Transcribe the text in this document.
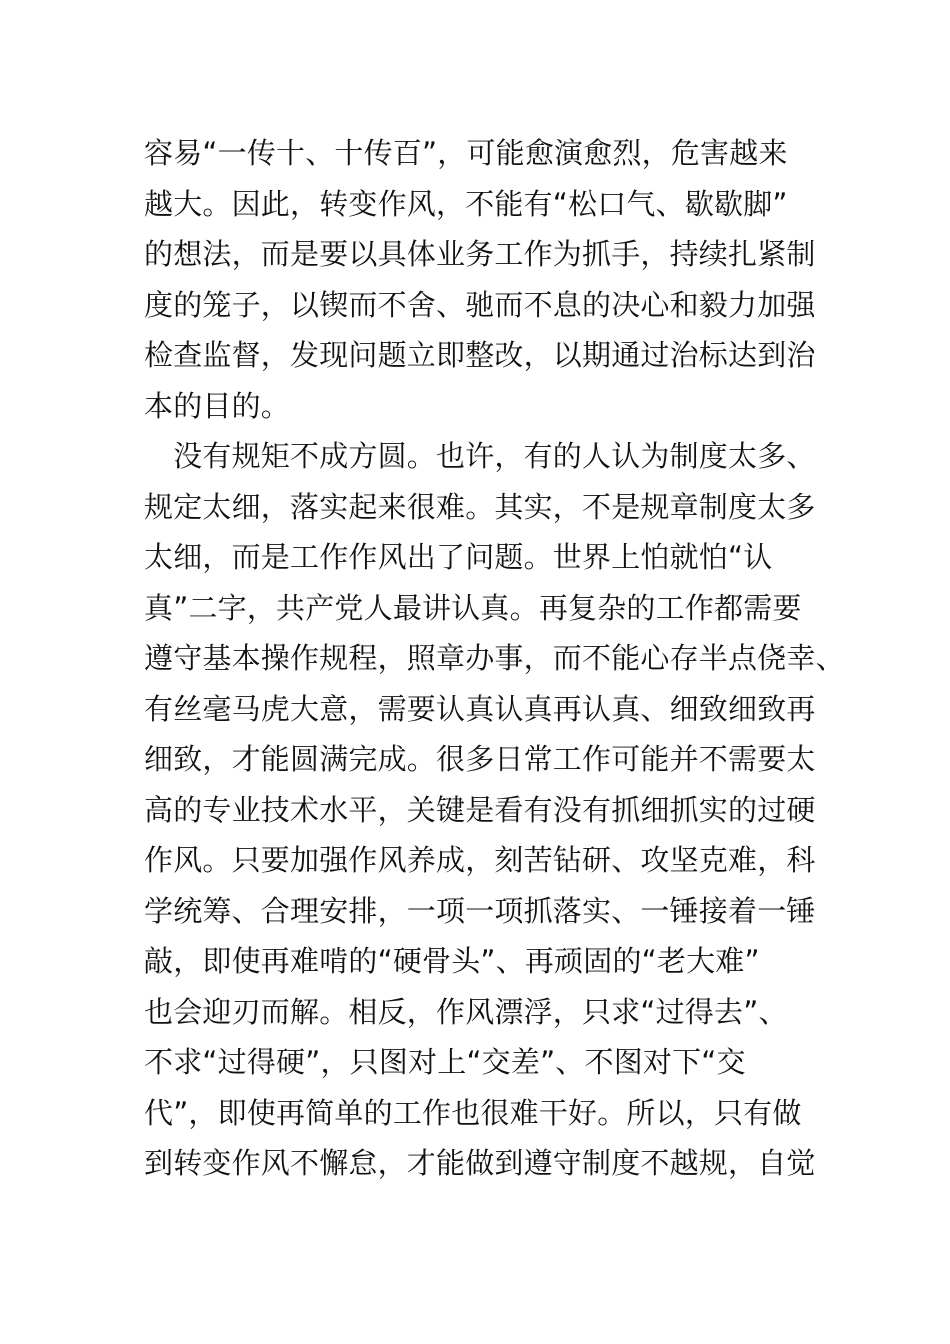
容易“一传十、十传百”，可能愈演愈烈，危害越来
越大。因此，转变作风，不能有“松口气、歇歇脚”
的想法，而是要以具体业务工作为抓手，持续扎紧制
度的笼子，以锲而不舍、驰而不息的决心和毅力加强
检查监督，发现问题立即整改，以期通过治标达到治
本的目的。
　没有规矩不成方圆。也许，有的人认为制度太多、
规定太细，落实起来很难。其实，不是规章制度太多
太细，而是工作作风出了问题。世界上怕就怕“认
真”二字，共产党人最讲认真。再复杂的工作都需要
遵守基本操作规程，照章办事，而不能心存半点侥幸、
有丝毫马虎大意，需要认真认真再认真、细致细致再
细致，才能圆满完成。很多日常工作可能并不需要太
高的专业技术水平，关键是看有没有抓细抓实的过硬
作风。只要加强作风养成，刻苦钻研、攻坚克难，科
学统筹、合理安排，一项一项抓落实、一锤接着一锤
敲，即使再难啃的“硬骨头”、再顽固的“老大难”
也会迎刃而解。相反，作风漂浮，只求“过得去”、
不求“过得硬”，只图对上“交差”、不图对下“交
代”，即使再简单的工作也很难干好。所以，只有做
到转变作风不懈怠，才能做到遵守制度不越规，自觉
